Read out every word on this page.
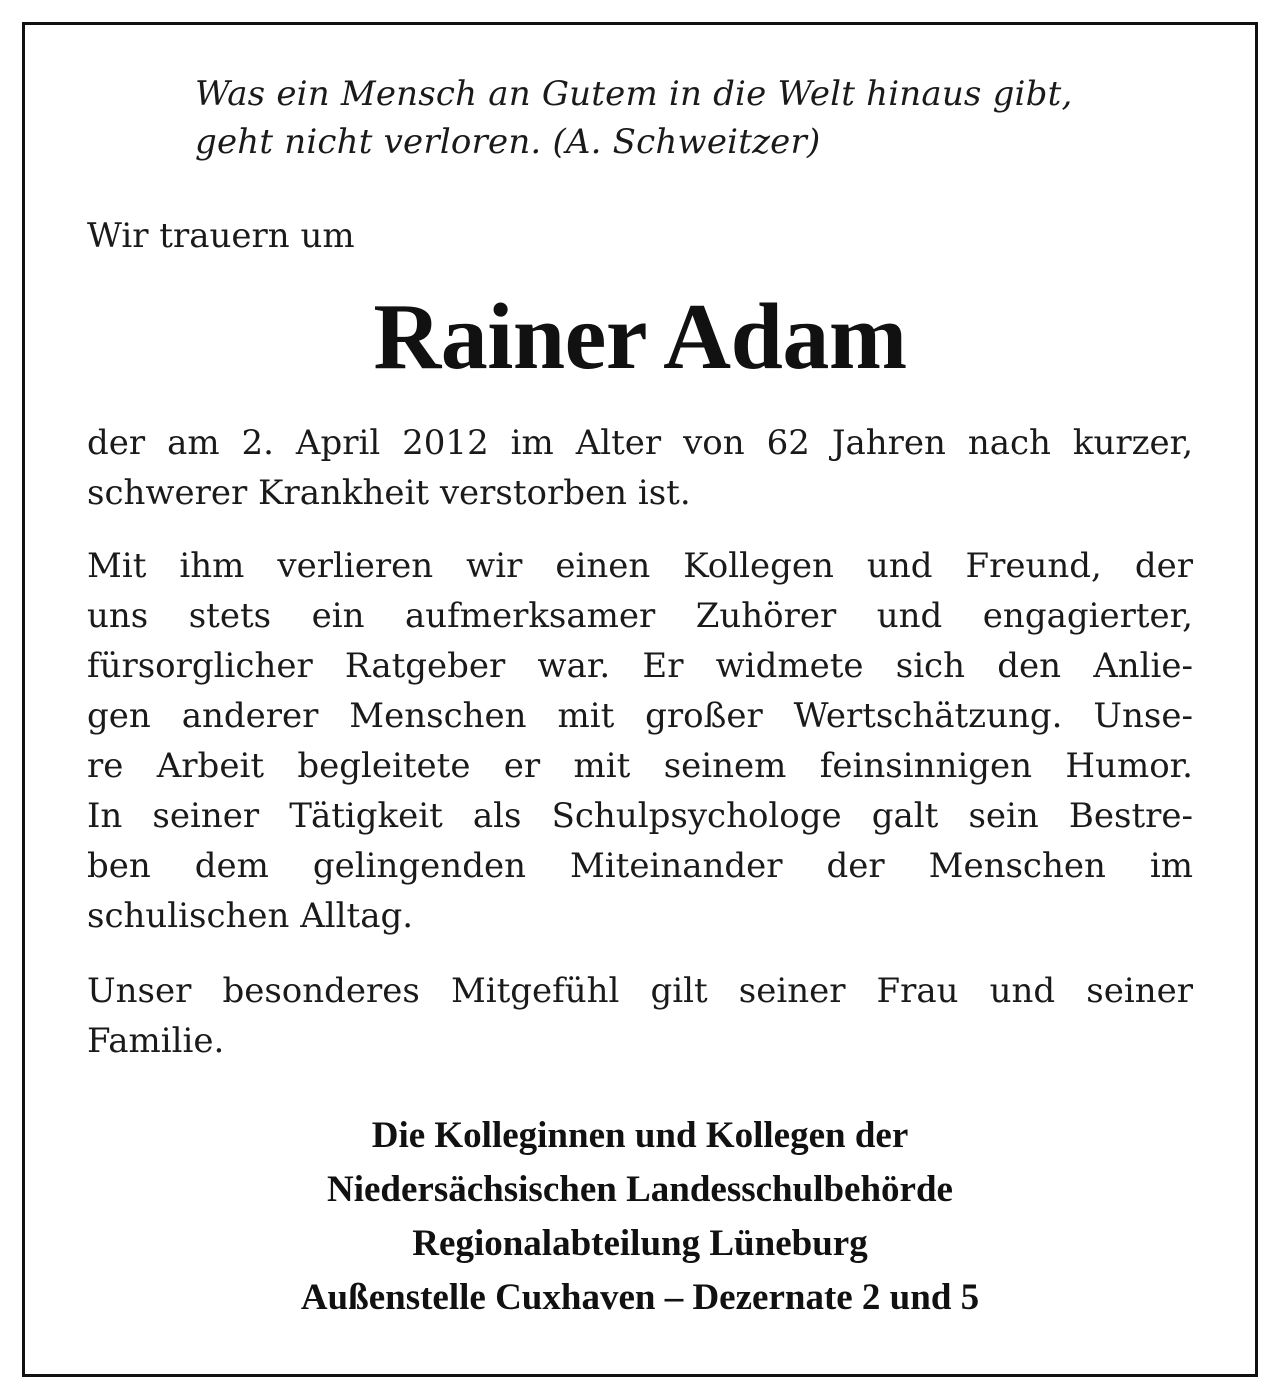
Was ein Mensch an Gutem in die Welt hinaus gibt,
geht nicht verloren. (A. Schweitzer)

Wir trauern um

Rainer Adam

der am 2. April 2012 im Alter von 62 Jahren nach kurzer,
schwerer Krankheit verstorben ist.

Mit ihm verlieren wir einen Kollegen und Freund, der
uns stets ein aufmerksamer Zuhörer und engagierter,
fürsorglicher Ratgeber war. Er widmete sich den Anlie-
gen anderer Menschen mit großer Wertschätzung. Unse-
re Arbeit begleitete er mit seinem feinsinnigen Humor.
In seiner Tätigkeit als Schulpsychologe galt sein Bestre-
ben dem gelingenden Miteinander der Menschen im
schulischen Alltag.

Unser besonderes Mitgefühl gilt seiner Frau und seiner
Familie.

Die Kolleginnen und Kollegen der
Niedersächsischen Landesschulbehörde
Regionalabteilung Lüneburg
Außenstelle Cuxhaven – Dezernate 2 und 5
